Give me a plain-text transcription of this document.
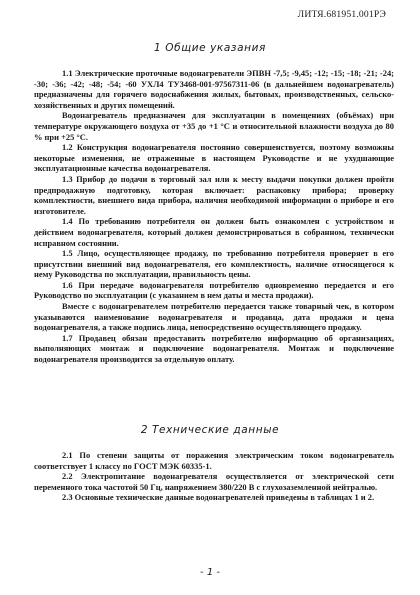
ЛИТЯ.681951.001РЭ
1 Общие указания

1.1 Электрические проточные водонагреватели ЭПВН -7,5; -9,45; -12; -15; -18; -21; -24; -30; -36; -42; -48; -54; -60 УХЛ4 ТУ3468-001-97567311-06 (в дальнейшем водонагреватель) предназначены для горячего водоснабжения жилых, бытовых, производственных, сельско-хозяйственных и других помещений.

Водонагреватель предназначен для эксплуатации в помещениях (объёмах) при температуре окружающего воздуха от +35 до +1 °С и относительной влажности воздуха до 80 % при +25 °С.

1.2 Конструкция водонагревателя постоянно совершенствуется, поэтому возможны некоторые изменения, не отраженные в настоящем Руководстве и не ухудшающие эксплуатационные качества водонагревателя.

1.3 Прибор до подачи в торговый зал или к месту выдачи покупки должен пройти предпродажную подготовку, которая включает: распаковку прибора; проверку комплектности, внешнего вида прибора, наличия необходимой информации о приборе и его изготовителе.

1.4 По требованию потребителя он должен быть ознакомлен с устройством и действием водонагревателя, который должен демонстрироваться в собранном, технически исправном состоянии.

1.5 Лицо, осуществляющее продажу, по требованию потребителя проверяет в его присутствии внешний вид водонагревателя, его комплектность, наличие относящегося к нему Руководства по эксплуатации, правильность цены.

1.6 При передаче водонагревателя потребителю одновременно передается и его Руководство по эксплуатации (с указанием в нем даты и места продажи).

Вместе с водонагревателем потребителю передается также товарный чек, в котором указываются наименование водонагревателя и продавца, дата продажи и цена водонагревателя, а также подпись лица, непосредственно осуществляющего продажу.

1.7 Продавец обязан предоставить потребителю информацию об организациях, выполняющих монтаж и подключение водонагревателя. Монтаж и подключение водонагревателя производится за отдельную оплату.

2 Технические данные

2.1 По степени защиты от поражения электрическим током водонагреватель соответствует 1 классу по ГОСТ МЭК 60335-1.

2.2 Электропитание водонагревателя осуществляется от электрической сети переменного тока частотой 50 Гц, напряжением 380/220 В с глухозаземленной нейтралью.

2.3 Основные технические данные водонагревателей приведены в таблицах 1 и 2.

- 1 -
